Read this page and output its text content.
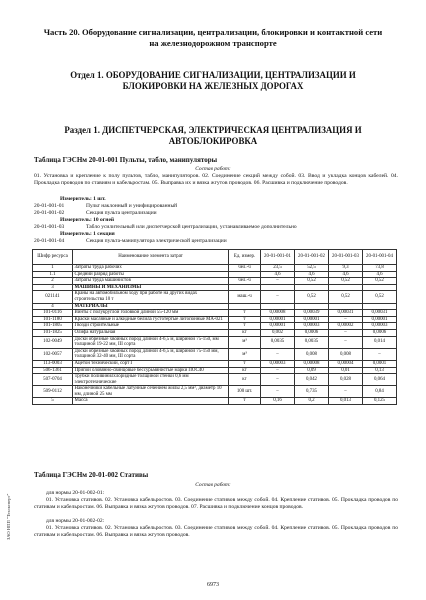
Часть 20. Оборудование сигнализации, централизации, блокировки и контактной сети на железнодорожном транспорте
Отдел 1. ОБОРУДОВАНИЕ СИГНАЛИЗАЦИИ, ЦЕНТРАЛИЗАЦИИ И БЛОКИРОВКИ НА ЖЕЛЕЗНЫХ ДОРОГАХ
Раздел 1. ДИСПЕТЧЕРСКАЯ, ЭЛЕКТРИЧЕСКАЯ ЦЕНТРАЛИЗАЦИЯ И АВТОБЛОКИРОВКА
Таблица ГЭСНм 20-01-001 Пульты, табло, манипуляторы
Состав работ:
01. Установка и крепление к полу пультов, табло, манипуляторов. 02. Соединение секций между собой. 03. Ввод и укладка концов кабелей. 04. Прокладка проводов по ставиям и кабельростам. 05. Выправка их и вязка жгутов проводов. 06. Расшивка и подключение проводов.
Измеритель: 1 шт.
20-01-001-01	Пульт наклонный и унифицированный
20-01-001-02	Секция пульта централизации
Измеритель: 10 огней
20-01-001-03	Табло усилительный или диспетчерской централизации, устанавливаемое дополнительно
Измеритель: 1 секция
20-01-001-04	Секция пульта-манипулятора электрической централизации
Шифр ресурса	Наименование элемента затрат	Ед. измер.	20-01-001-01	20-01-001-02	20-01-001-03	20-01-001-04
1	Затраты труда рабочих	чел.-ч	23,5	52,5	9,3	73,8
1.1	Средний разряд работы		4,6	4,6	4,6	4,6
2	Затраты труда машинистов	чел.-ч	–	0,52	0,52	0,52
3	МАШИНЫ И МЕХАНИЗМЫ					
021141	Краны на автомобильном ходу при работе на других видах строительства 10 т	маш.-ч	–	0,52	0,52	0,52
4	МАТЕРИАЛЫ					
101-0116	Винты с полукруглой головкой длиной 55-120 мм	т	0,00008	0,00039	0,00031	0,00031
101-1180	Краски масляные и алкидные белила густотертые литопонные МА-021	т	0,00001	0,00001	–	0,00001
101-1805	Гвозди строительные	т	0,00001	0,00003	0,00002	0,00003
101-1825	Олифа натуральная	кг	0,002	0,0006	–	0,0006
102-0049	Доски обрезные хвойных пород длиной 4-6,5 м, шириной 75-150, мм толщиной 19-22 мм, III сорта	м³	0,0035	0,0035	–	0,014
102-0057	Доски обрезные хвойных пород длиной 4-6,5 м, шириной 75-150 мм, толщиной 32-40 мм, III сорта	м³	–	0,008	0,008	–
113-0003	Ацетон технический, сорт I	т	0,00003	0,00008	0,00004	0,0001
506-1361	Припои оловянно-свинцовые бессурьмянистые марки ПОС40	кг	–	0,09	0,01	0,13
507-0704	Трубки поливинилхлоридные толщиной стенки 0,6 мм электротехнические	кг	–	0,042	0,028	0,064
509-0112	Наконечники кабельные латунные сечением жилы 2,5 мм², диаметр 10 мм, длиной 25 мм	100 шт.	–	0,735	–	0,84
5	Масса	т	0,16	0,2	0,013	0,125
Таблица ГЭСНм 20-01-002 Стативы
Состав работ:
для нормы 20-01-002-01:
01. Установка стативов. 02. Установка кабельростов. 03. Соединение стативов между собой. 04. Крепление стативов. 05. Прокладка проводов по стативам и кабельростам. 06. Выправка и вязка жгутов проводов. 07. Расшивка и подключение концов проводов.
для нормы 20-01-002-02:
01. Установка стативов. 02. Установка кабельростов. 03. Соединение стативов между собой. 04. Крепление стативов. 05. Прокладка проводов по стативам и кабельростам. 06. Выправка и вязка жгутов проводов.
ЗАО НПП "Техэксперт"
6973
